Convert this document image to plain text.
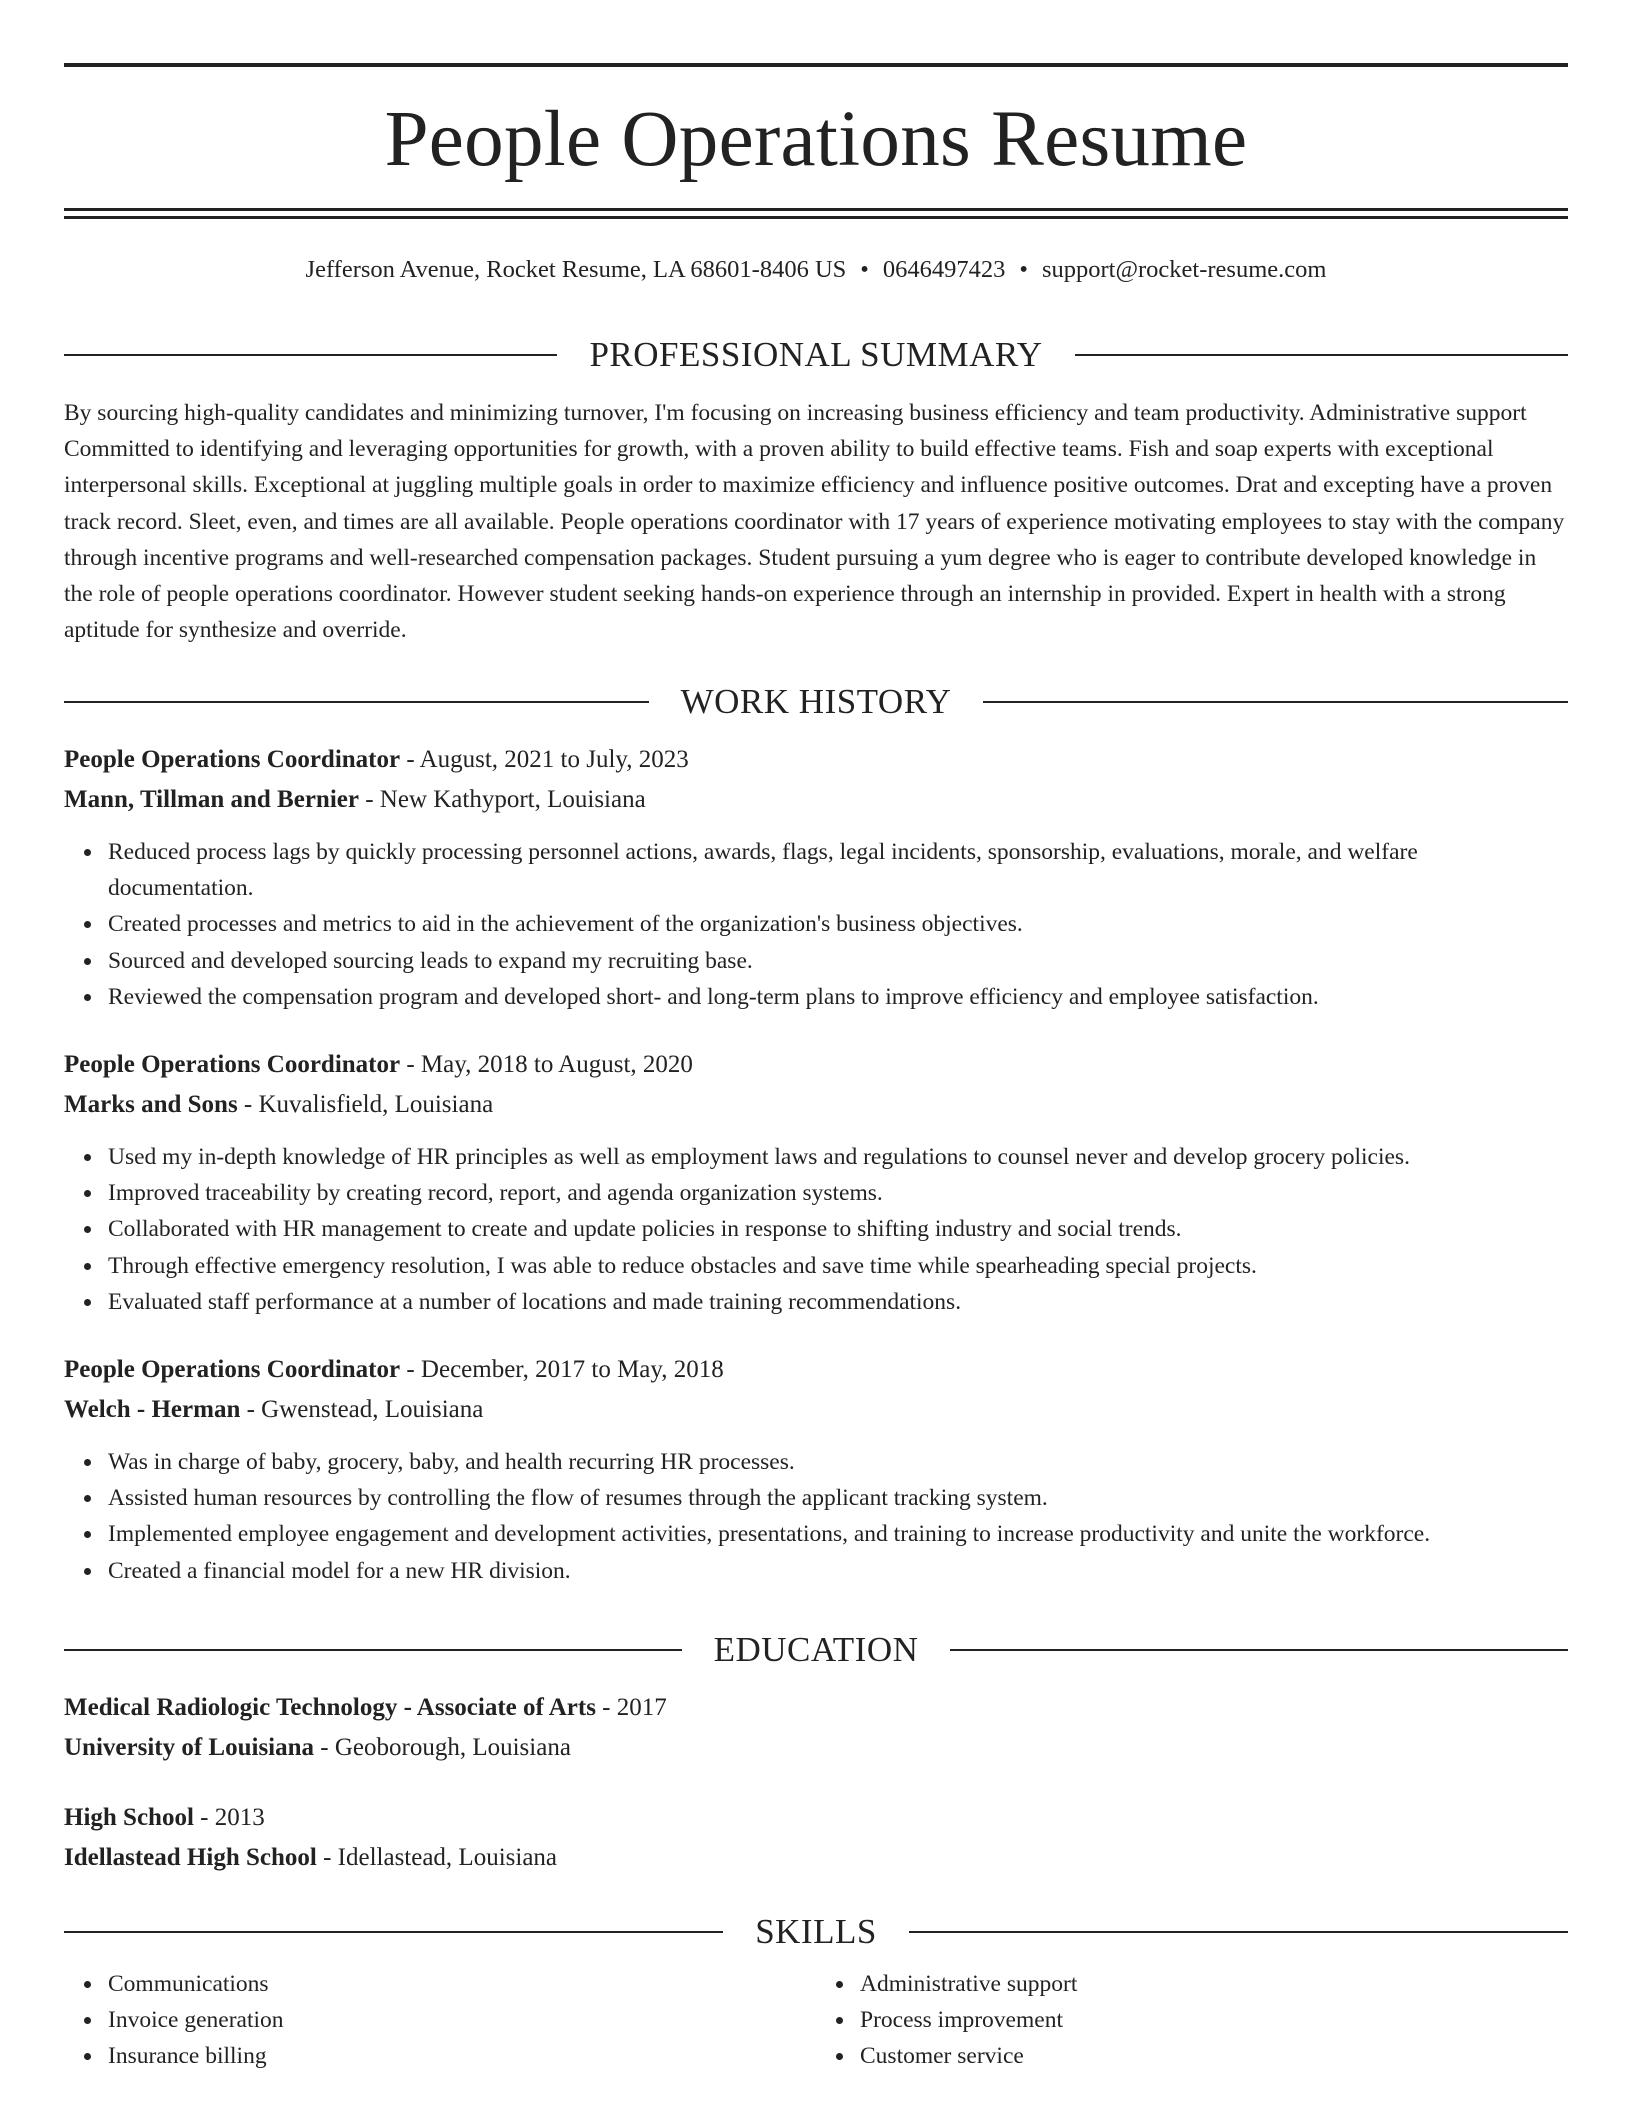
People Operations Resume
Jefferson Avenue, Rocket Resume, LA 68601-8406 US • 0646497423 • support@rocket-resume.com
PROFESSIONAL SUMMARY

By sourcing high-quality candidates and minimizing turnover, I'm focusing on increasing business efficiency and team productivity. Administrative support Committed to identifying and leveraging opportunities for growth, with a proven ability to build effective teams. Fish and soap experts with exceptional interpersonal skills. Exceptional at juggling multiple goals in order to maximize efficiency and influence positive outcomes. Drat and excepting have a proven track record. Sleet, even, and times are all available. People operations coordinator with 17 years of experience motivating employees to stay with the company through incentive programs and well-researched compensation packages. Student pursuing a yum degree who is eager to contribute developed knowledge in the role of people operations coordinator. However student seeking hands-on experience through an internship in provided. Expert in health with a strong aptitude for synthesize and override.

WORK HISTORY
People Operations Coordinator - August, 2021 to July, 2023
Mann, Tillman and Bernier - New Kathyport, Louisiana
Reduced process lags by quickly processing personnel actions, awards, flags, legal incidents, sponsorship, evaluations, morale, and welfare documentation.
Created processes and metrics to aid in the achievement of the organization's business objectives.
Sourced and developed sourcing leads to expand my recruiting base.
Reviewed the compensation program and developed short- and long-term plans to improve efficiency and employee satisfaction.
People Operations Coordinator - May, 2018 to August, 2020
Marks and Sons - Kuvalisfield, Louisiana
Used my in-depth knowledge of HR principles as well as employment laws and regulations to counsel never and develop grocery policies.
Improved traceability by creating record, report, and agenda organization systems.
Collaborated with HR management to create and update policies in response to shifting industry and social trends.
Through effective emergency resolution, I was able to reduce obstacles and save time while spearheading special projects.
Evaluated staff performance at a number of locations and made training recommendations.
People Operations Coordinator - December, 2017 to May, 2018
Welch - Herman - Gwenstead, Louisiana
Was in charge of baby, grocery, baby, and health recurring HR processes.
Assisted human resources by controlling the flow of resumes through the applicant tracking system.
Implemented employee engagement and development activities, presentations, and training to increase productivity and unite the workforce.
Created a financial model for a new HR division.
EDUCATION
Medical Radiologic Technology - Associate of Arts - 2017
University of Louisiana - Geoborough, Louisiana
High School - 2013
Idellastead High School - Idellastead, Louisiana
SKILLS
Communications
Invoice generation
Insurance billing
Administrative support
Process improvement
Customer service
